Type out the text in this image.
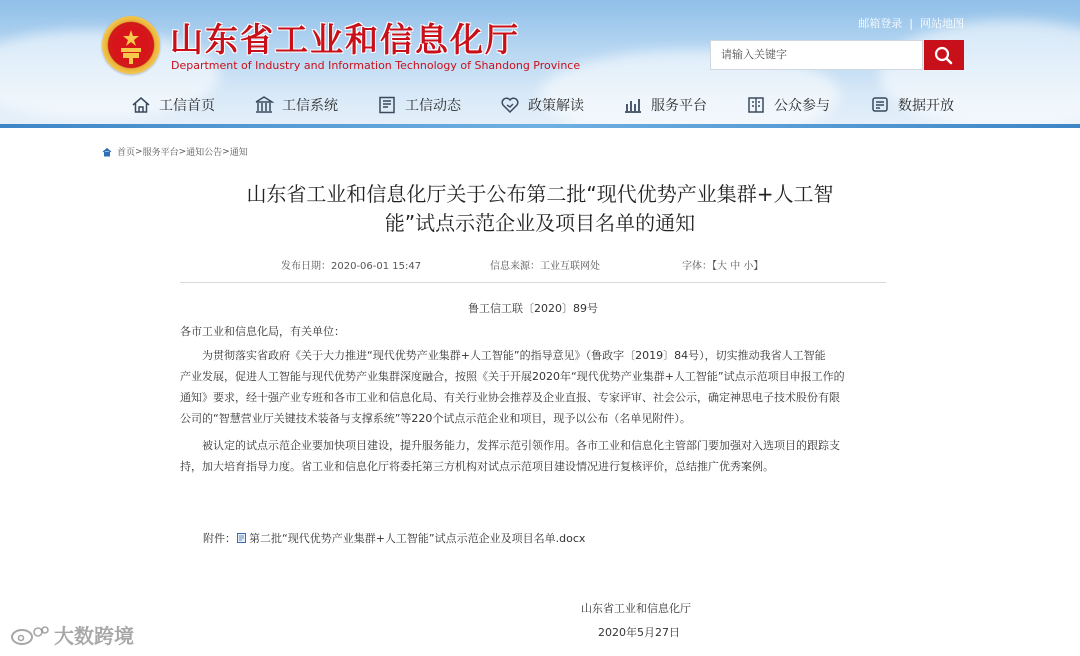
山东省工业和信息化厅
Department of Industry and Information Technology of Shandong Province
邮箱登录 | 网站地图
请输入关键字
工信首页	工信系统	工信动态	政策解读	服务平台	公众参与	数据开放
首页 > 服务平台 > 通知公告 > 通知
山东省工业和信息化厅关于公布第二批“现代优势产业集群+人工智
能”试点示范企业及项目名单的通知
发布日期：2020-06-01 15:47	信息来源：工业互联网处	字体：【大 中 小】
鲁工信工联〔2020〕89号
各市工业和信息化局，有关单位：
为贯彻落实省政府《关于大力推进“现代优势产业集群+人工智能”的指导意见》（鲁政字〔2019〕84号），切实推动我省人工智能
产业发展，促进人工智能与现代优势产业集群深度融合，按照《关于开展2020年“现代优势产业集群+人工智能”试点示范项目申报工作的
通知》要求，经十强产业专班和各市工业和信息化局、有关行业协会推荐及企业直报、专家评审、社会公示，确定神思电子技术股份有限
公司的“智慧营业厅关键技术装备与支撑系统”等220个试点示范企业和项目，现予以公布（名单见附件）。
被认定的试点示范企业要加快项目建设，提升服务能力，发挥示范引领作用。各市工业和信息化主管部门要加强对入选项目的跟踪支
持，加大培育指导力度。省工业和信息化厅将委托第三方机构对试点示范项目建设情况进行复核评价，总结推广优秀案例。
附件： 第二批“现代优势产业集群+人工智能”试点示范企业及项目名单.docx
山东省工业和信息化厅
2020年5月27日
大数跨境
